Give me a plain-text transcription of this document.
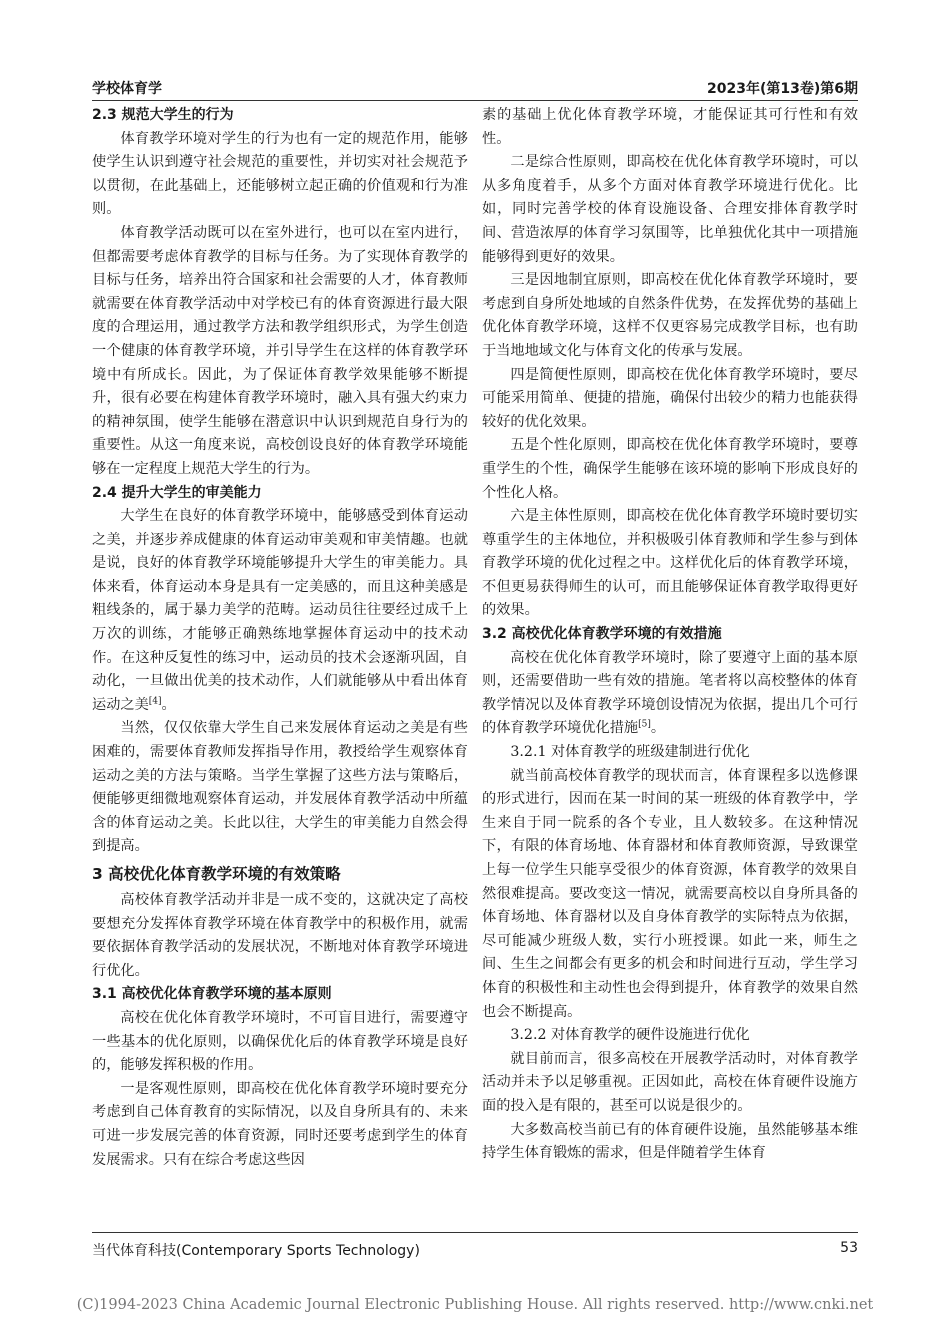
学校体育学	2023年(第13卷)第6期
2.3 规范大学生的行为

体育教学环境对学生的行为也有一定的规范作用，能够使学生认识到遵守社会规范的重要性，并切实对社会规范予以贯彻，在此基础上，还能够树立起正确的价值观和行为准则。

体育教学活动既可以在室外进行，也可以在室内进行，但都需要考虑体育教学的目标与任务。为了实现体育教学的目标与任务，培养出符合国家和社会需要的人才，体育教师就需要在体育教学活动中对学校已有的体育资源进行最大限度的合理运用，通过教学方法和教学组织形式，为学生创造一个健康的体育教学环境，并引导学生在这样的体育教学环境中有所成长。因此，为了保证体育教学效果能够不断提升，很有必要在构建体育教学环境时，融入具有强大约束力的精神氛围，使学生能够在潜意识中认识到规范自身行为的重要性。从这一角度来说，高校创设良好的体育教学环境能够在一定程度上规范大学生的行为。

2.4 提升大学生的审美能力

大学生在良好的体育教学环境中，能够感受到体育运动之美，并逐步养成健康的体育运动审美观和审美情趣。也就是说，良好的体育教学环境能够提升大学生的审美能力。具体来看，体育运动本身是具有一定美感的，而且这种美感是粗线条的，属于暴力美学的范畴。运动员往往要经过成千上万次的训练，才能够正确熟练地掌握体育运动中的技术动作。在这种反复性的练习中，运动员的技术会逐渐巩固，自动化，一旦做出优美的技术动作，人们就能够从中看出体育运动之美[4]。

当然，仅仅依靠大学生自己来发展体育运动之美是有些困难的，需要体育教师发挥指导作用，教授给学生观察体育运动之美的方法与策略。当学生掌握了这些方法与策略后，便能够更细微地观察体育运动，并发展体育教学活动中所蕴含的体育运动之美。长此以往，大学生的审美能力自然会得到提高。

3 高校优化体育教学环境的有效策略

高校体育教学活动并非是一成不变的，这就决定了高校要想充分发挥体育教学环境在体育教学中的积极作用，就需要依据体育教学活动的发展状况，不断地对体育教学环境进行优化。

3.1 高校优化体育教学环境的基本原则

高校在优化体育教学环境时，不可盲目进行，需要遵守一些基本的优化原则，以确保优化后的体育教学环境是良好的，能够发挥积极的作用。

一是客观性原则，即高校在优化体育教学环境时要充分考虑到自己体育教育的实际情况，以及自身所具有的、未来可进一步发展完善的体育资源，同时还要考虑到学生的体育发展需求。只有在综合考虑这些因

素的基础上优化体育教学环境，才能保证其可行性和有效性。

二是综合性原则，即高校在优化体育教学环境时，可以从多角度着手，从多个方面对体育教学环境进行优化。比如，同时完善学校的体育设施设备、合理安排体育教学时间、营造浓厚的体育学习氛围等，比单独优化其中一项措施能够得到更好的效果。

三是因地制宜原则，即高校在优化体育教学环境时，要考虑到自身所处地域的自然条件优势，在发挥优势的基础上优化体育教学环境，这样不仅更容易完成教学目标，也有助于当地地域文化与体育文化的传承与发展。

四是简便性原则，即高校在优化体育教学环境时，要尽可能采用简单、便捷的措施，确保付出较少的精力也能获得较好的优化效果。

五是个性化原则，即高校在优化体育教学环境时，要尊重学生的个性，确保学生能够在该环境的影响下形成良好的个性化人格。

六是主体性原则，即高校在优化体育教学环境时要切实尊重学生的主体地位，并积极吸引体育教师和学生参与到体育教学环境的优化过程之中。这样优化后的体育教学环境，不但更易获得师生的认可，而且能够保证体育教学取得更好的效果。

3.2 高校优化体育教学环境的有效措施

高校在优化体育教学环境时，除了要遵守上面的基本原则，还需要借助一些有效的措施。笔者将以高校整体的体育教学情况以及体育教学环境创设情况为依据，提出几个可行的体育教学环境优化措施[5]。

3.2.1 对体育教学的班级建制进行优化

就当前高校体育教学的现状而言，体育课程多以选修课的形式进行，因而在某一时间的某一班级的体育教学中，学生来自于同一院系的各个专业，且人数较多。在这种情况下，有限的体育场地、体育器材和体育教师资源，导致课堂上每一位学生只能享受很少的体育资源，体育教学的效果自然很难提高。要改变这一情况，就需要高校以自身所具备的体育场地、体育器材以及自身体育教学的实际特点为依据，尽可能减少班级人数，实行小班授课。如此一来，师生之间、生生之间都会有更多的机会和时间进行互动，学生学习体育的积极性和主动性也会得到提升，体育教学的效果自然也会不断提高。

3.2.2 对体育教学的硬件设施进行优化

就目前而言，很多高校在开展教学活动时，对体育教学活动并未予以足够重视。正因如此，高校在体育硬件设施方面的投入是有限的，甚至可以说是很少的。

大多数高校当前已有的体育硬件设施，虽然能够基本维持学生体育锻炼的需求，但是伴随着学生体育

当代体育科技(Contemporary Sports Technology)	53
(C)1994-2023 China Academic Journal Electronic Publishing House. All rights reserved. http://www.cnki.net
